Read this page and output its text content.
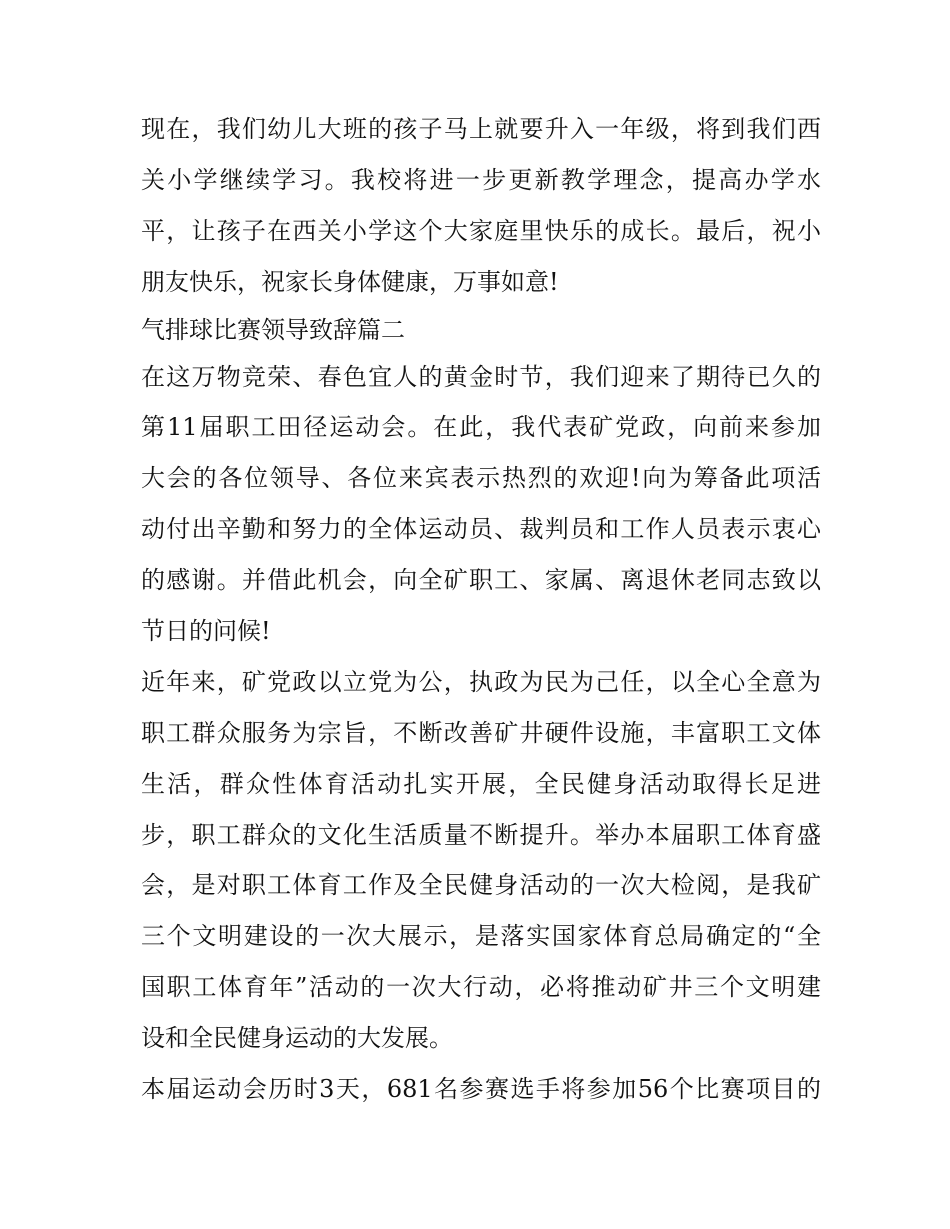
现在，我们幼儿大班的孩子马上就要升入一年级，将到我们西
关小学继续学习。我校将进一步更新教学理念，提高办学水
平，让孩子在西关小学这个大家庭里快乐的成长。最后，祝小
朋友快乐，祝家长身体健康，万事如意!
气排球比赛领导致辞篇二
在这万物竞荣、春色宜人的黄金时节，我们迎来了期待已久的
第11届职工田径运动会。在此，我代表矿党政，向前来参加
大会的各位领导、各位来宾表示热烈的欢迎!向为筹备此项活
动付出辛勤和努力的全体运动员、裁判员和工作人员表示衷心
的感谢。并借此机会，向全矿职工、家属、离退休老同志致以
节日的问候!
近年来，矿党政以立党为公，执政为民为己任，以全心全意为
职工群众服务为宗旨，不断改善矿井硬件设施，丰富职工文体
生活，群众性体育活动扎实开展，全民健身活动取得长足进
步，职工群众的文化生活质量不断提升。举办本届职工体育盛
会，是对职工体育工作及全民健身活动的一次大检阅，是我矿
三个文明建设的一次大展示，是落实国家体育总局确定的“全
国职工体育年”活动的一次大行动，必将推动矿井三个文明建
设和全民健身运动的大发展。
本届运动会历时3天，681名参赛选手将参加56个比赛项目的
